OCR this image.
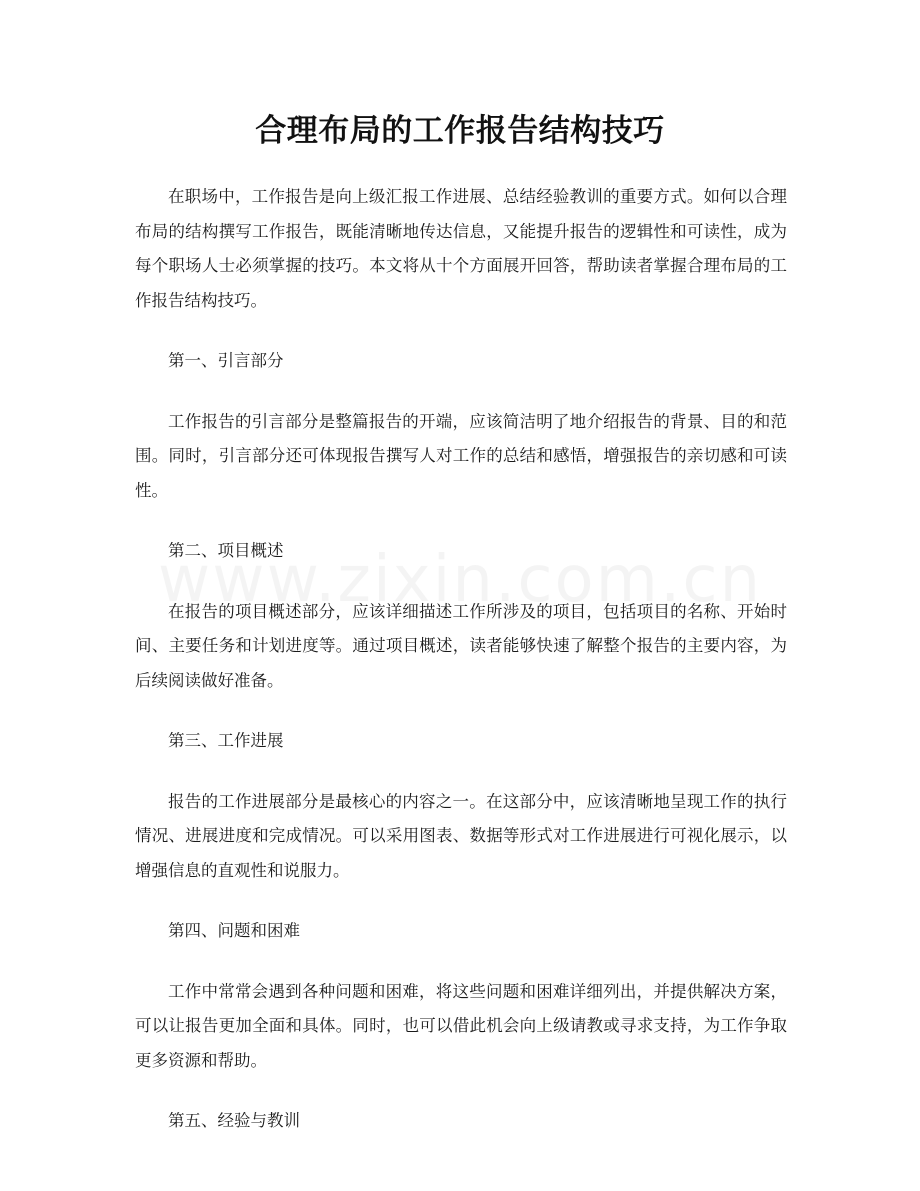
合理布局的工作报告结构技巧

在职场中，工作报告是向上级汇报工作进展、总结经验教训的重要方式。如何以合理布局的结构撰写工作报告，既能清晰地传达信息，又能提升报告的逻辑性和可读性，成为每个职场人士必须掌握的技巧。本文将从十个方面展开回答，帮助读者掌握合理布局的工作报告结构技巧。

第一、引言部分

工作报告的引言部分是整篇报告的开端，应该简洁明了地介绍报告的背景、目的和范围。同时，引言部分还可体现报告撰写人对工作的总结和感悟，增强报告的亲切感和可读性。

第二、项目概述

在报告的项目概述部分，应该详细描述工作所涉及的项目，包括项目的名称、开始时间、主要任务和计划进度等。通过项目概述，读者能够快速了解整个报告的主要内容，为后续阅读做好准备。

第三、工作进展

报告的工作进展部分是最核心的内容之一。在这部分中，应该清晰地呈现工作的执行情况、进展进度和完成情况。可以采用图表、数据等形式对工作进展进行可视化展示，以增强信息的直观性和说服力。

第四、问题和困难

工作中常常会遇到各种问题和困难，将这些问题和困难详细列出，并提供解决方案，可以让报告更加全面和具体。同时，也可以借此机会向上级请教或寻求支持，为工作争取更多资源和帮助。

第五、经验与教训
